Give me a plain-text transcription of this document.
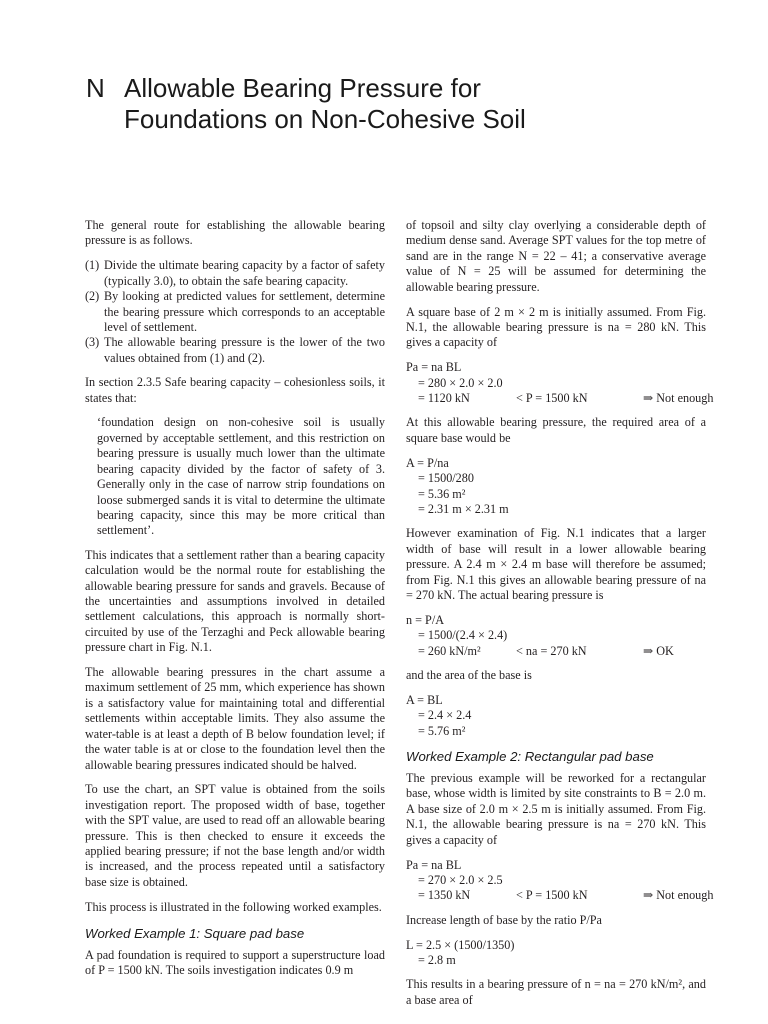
N Allowable Bearing Pressure for
Foundations on Non-Cohesive Soil

The general route for establishing the allowable bearing pressure is as follows.

(1) Divide the ultimate bearing capacity by a factor of safety (typically 3.0), to obtain the safe bearing capacity.
(2) By looking at predicted values for settlement, determine the bearing pressure which corresponds to an acceptable level of settlement.
(3) The allowable bearing pressure is the lower of the two values obtained from (1) and (2).

In section 2.3.5 Safe bearing capacity – cohesionless soils, it states that:

‘foundation design on non-cohesive soil is usually governed by acceptable settlement, and this restriction on bearing pressure is usually much lower than the ultimate bearing capacity divided by the factor of safety of 3. Generally only in the case of narrow strip foundations on loose submerged sands it is vital to determine the ultimate bearing capacity, since this may be more critical than settlement’.

This indicates that a settlement rather than a bearing capacity calculation would be the normal route for establishing the allowable bearing pressure for sands and gravels. Because of the uncertainties and assumptions involved in detailed settlement calculations, this approach is normally short-circuited by use of the Terzaghi and Peck allowable bearing pressure chart in Fig. N.1.

The allowable bearing pressures in the chart assume a maximum settlement of 25 mm, which experience has shown is a satisfactory value for maintaining total and differential settlements within acceptable limits. They also assume the water-table is at least a depth of B below foundation level; if the water table is at or close to the foundation level then the allowable bearing pressures indicated should be halved.

To use the chart, an SPT value is obtained from the soils investigation report. The proposed width of base, together with the SPT value, are used to read off an allowable bearing pressure. This is then checked to ensure it exceeds the applied bearing pressure; if not the base length and/or width is increased, and the process repeated until a satisfactory base size is obtained.

This process is illustrated in the following worked examples.

Worked Example 1: Square pad base

A pad foundation is required to support a superstructure load of P = 1500 kN. The soils investigation indicates 0.9 m

of topsoil and silty clay overlying a considerable depth of medium dense sand. Average SPT values for the top metre of sand are in the range N = 22 – 41; a conservative average value of N = 25 will be assumed for determining the allowable bearing pressure.

A square base of 2 m × 2 m is initially assumed. From Fig. N.1, the allowable bearing pressure is na = 280 kN. This gives a capacity of

Pa = na BL
= 280 × 2.0 × 2.0
= 1120 kN	< P = 1500 kN	⇒ Not enough

At this allowable bearing pressure, the required area of a square base would be

A = P/na
= 1500/280
= 5.36 m²
= 2.31 m × 2.31 m

However examination of Fig. N.1 indicates that a larger width of base will result in a lower allowable bearing pressure. A 2.4 m × 2.4 m base will therefore be assumed; from Fig. N.1 this gives an allowable bearing pressure of na = 270 kN. The actual bearing pressure is

n = P/A
= 1500/(2.4 × 2.4)
= 260 kN/m²	< na = 270 kN	⇒ OK

and the area of the base is

A = BL
= 2.4 × 2.4
= 5.76 m²
Worked Example 2: Rectangular pad base

The previous example will be reworked for a rectangular base, whose width is limited by site constraints to B = 2.0 m. A base size of 2.0 m × 2.5 m is initially assumed. From Fig. N.1, the allowable bearing pressure is na = 270 kN. This gives a capacity of

Pa = na BL
= 270 × 2.0 × 2.5
= 1350 kN	< P = 1500 kN	⇒ Not enough

Increase length of base by the ratio P/Pa

L = 2.5 × (1500/1350)
= 2.8 m

This results in a bearing pressure of n = na = 270 kN/m², and a base area of
